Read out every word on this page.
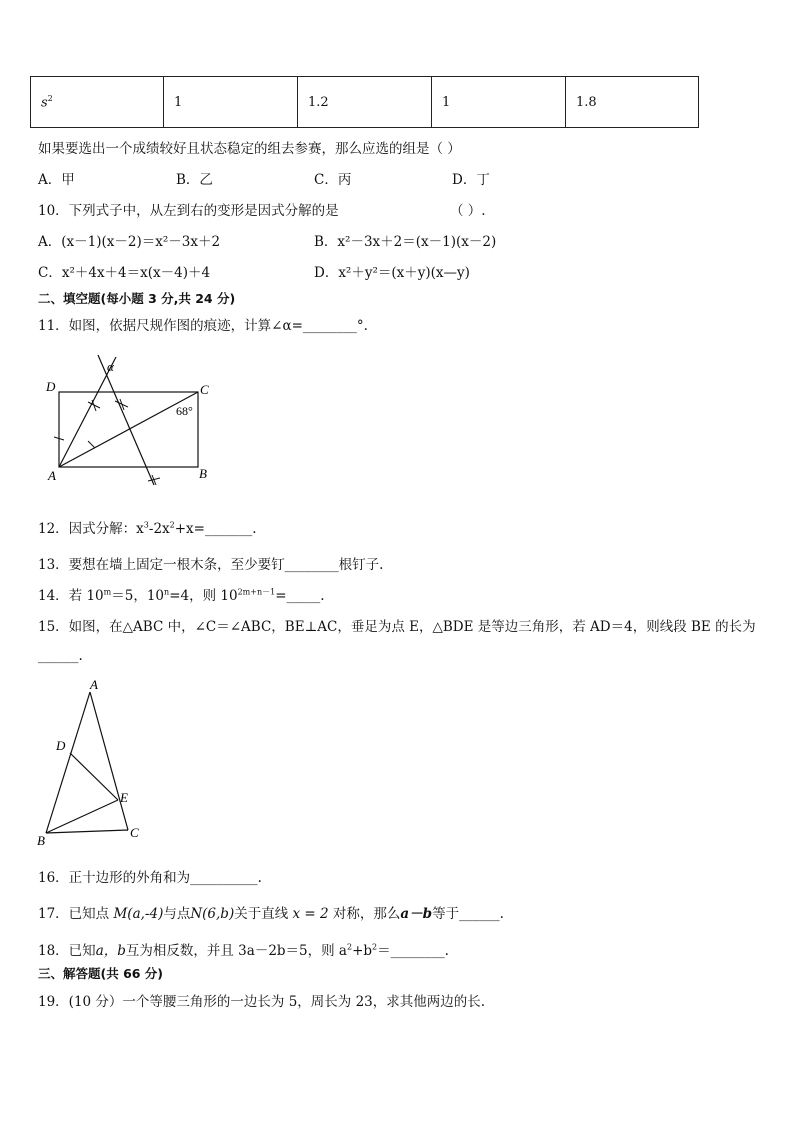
$s^2$	1	1.2	1	1.8
如果要选出一个成绩较好且状态稳定的组去参赛，那么应选的组是（ ）
A．甲	B．乙	C．丙	D．丁
10．下列式子中，从左到右的变形是因式分解的是	（ ）.
A．(x－1)(x－2)＝x²－3x＋2	B．x²－3x＋2＝(x－1)(x－2)
C．x²＋4x＋4＝x(x－4)＋4	D．x²＋y²＝(x＋y)(x—y)
二、填空题(每小题 3 分,共 24 分)
11．如图，依据尺规作图的痕迹，计算∠α=________°.
D	C
A	B
α
68°
12．因式分解：$x^3-2x^2+x=\_\_\_\_\_\_\_$.
13．要想在墙上固定一根木条，至少要钉________根钉子.
14．若 $10^m=5$，$10^n=4$，则 $10^{2m+n-1}=\_\_\_\_\_$.
15．如图，在△ABC 中，∠C＝∠ABC，BE⊥AC，垂足为点 E，△BDE 是等边三角形，若 AD＝4，则线段 BE 的长为
______.
A
D
E
B
C
16．正十边形的外角和为__________.
17．已知点 M(a,-4)与点N(6,b)关于直线 x = 2 对称，那么a－b等于______.
18．已知a，b互为相反数，并且 3a－2b＝5，则 $a^2+b^2=\_\_\_\_\_\_\_\_$.
三、解答题(共 66 分)
19．(10 分）一个等腰三角形的一边长为 5，周长为 23，求其他两边的长.
